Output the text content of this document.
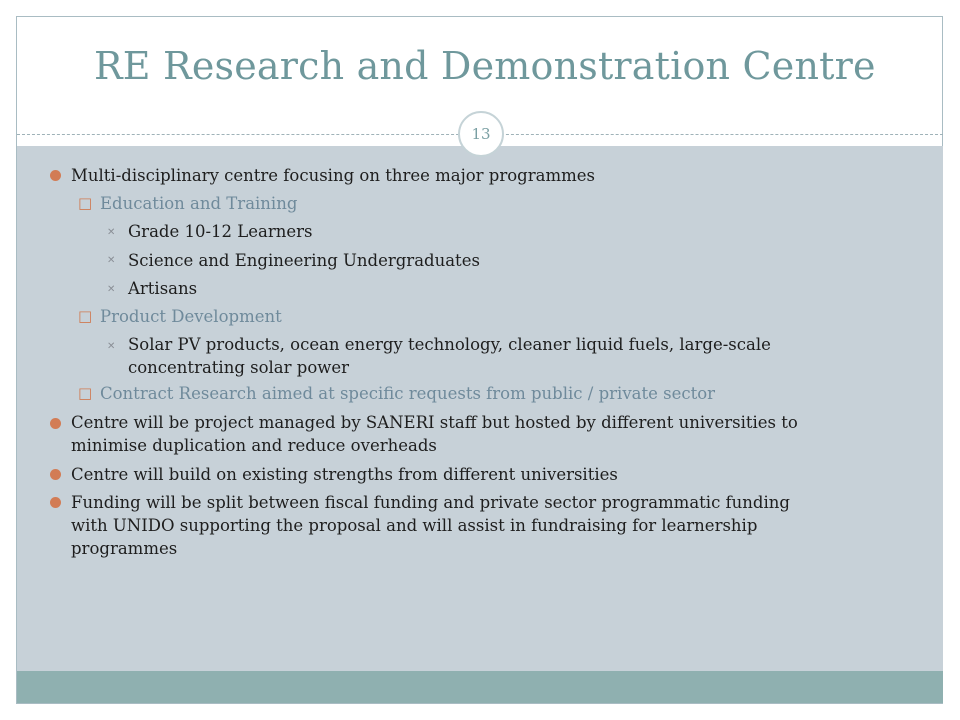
RE Research and Demonstration Centre
13
Multi-disciplinary centre focusing on three major programmes
□ Education and Training
✕ Grade 10-12 Learners
✕ Science and Engineering Undergraduates
✕ Artisans
□ Product Development
✕ Solar PV products, ocean energy technology, cleaner liquid fuels, large-scale
concentrating solar power
□ Contract Research aimed at specific requests from public / private sector
Centre will be project managed by SANERI staff but hosted by different universities to
minimise duplication and reduce overheads
Centre will build on existing strengths from different universities
Funding will be split between fiscal funding and private sector programmatic funding
with UNIDO supporting the proposal and will assist in fundraising for learnership
programmes
